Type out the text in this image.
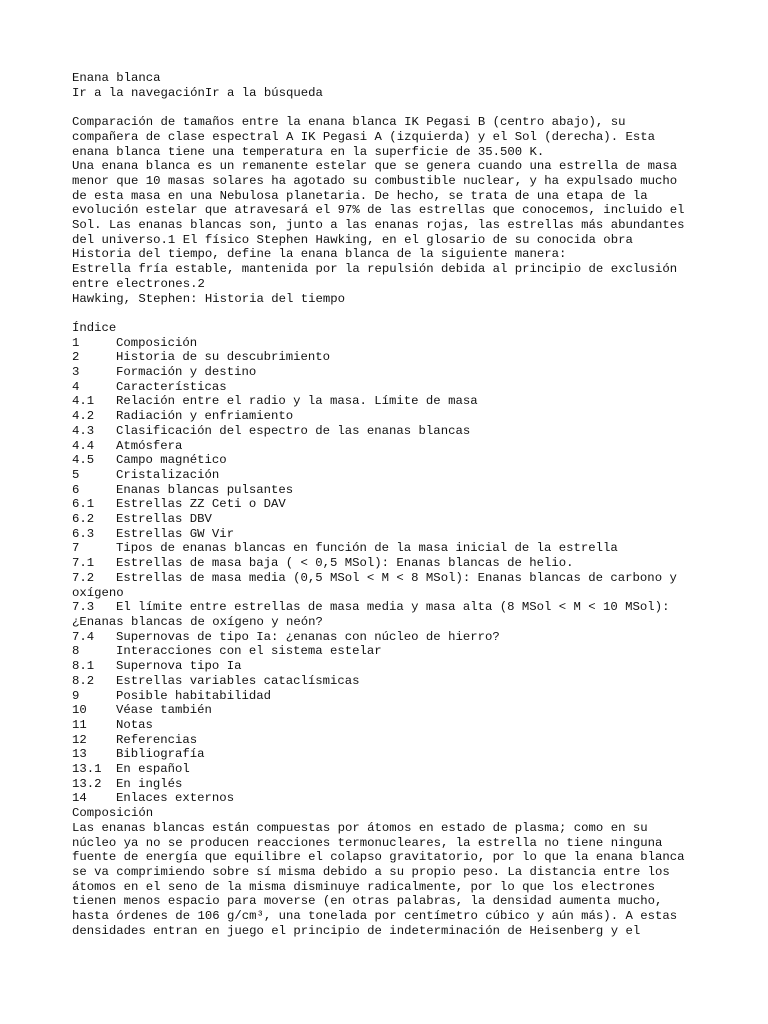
Enana blanca
Ir a la navegaciónIr a la búsqueda
Comparación de tamaños entre la enana blanca IK Pegasi B (centro abajo), su
compañera de clase espectral A IK Pegasi A (izquierda) y el Sol (derecha). Esta
enana blanca tiene una temperatura en la superficie de 35.500 K.
Una enana blanca es un remanente estelar que se genera cuando una estrella de masa
menor que 10 masas solares ha agotado su combustible nuclear, y ha expulsado mucho
de esta masa en una Nebulosa planetaria. De hecho, se trata de una etapa de la
evolución estelar que atravesará el 97% de las estrellas que conocemos, incluido el
Sol. Las enanas blancas son, junto a las enanas rojas, las estrellas más abundantes
del universo.1 El físico Stephen Hawking, en el glosario de su conocida obra
Historia del tiempo, define la enana blanca de la siguiente manera:
Estrella fría estable, mantenida por la repulsión debida al principio de exclusión
entre electrones.2
Hawking, Stephen: Historia del tiempo
Índice
1	Composición
2	Historia de su descubrimiento
3	Formación y destino
4	Características
4.1	Relación entre el radio y la masa. Límite de masa
4.2	Radiación y enfriamiento
4.3	Clasificación del espectro de las enanas blancas
4.4	Atmósfera
4.5	Campo magnético
5	Cristalización
6	Enanas blancas pulsantes
6.1	Estrellas ZZ Ceti o DAV
6.2	Estrellas DBV
6.3	Estrellas GW Vir
7	Tipos de enanas blancas en función de la masa inicial de la estrella
7.1	Estrellas de masa baja ( < 0,5 MSol): Enanas blancas de helio.
7.2	Estrellas de masa media (0,5 MSol < M < 8 MSol): Enanas blancas de carbono y
oxígeno
7.3	El límite entre estrellas de masa media y masa alta (8 MSol < M < 10 MSol):
¿Enanas blancas de oxígeno y neón?
7.4	Supernovas de tipo Ia: ¿enanas con núcleo de hierro?
8	Interacciones con el sistema estelar
8.1	Supernova tipo Ia
8.2	Estrellas variables cataclísmicas
9	Posible habitabilidad
10	Véase también
11	Notas
12	Referencias
13	Bibliografía
13.1	En español
13.2	En inglés
14	Enlaces externos
Composición
Las enanas blancas están compuestas por átomos en estado de plasma; como en su
núcleo ya no se producen reacciones termonucleares, la estrella no tiene ninguna
fuente de energía que equilibre el colapso gravitatorio, por lo que la enana blanca
se va comprimiendo sobre sí misma debido a su propio peso. La distancia entre los
átomos en el seno de la misma disminuye radicalmente, por lo que los electrones
tienen menos espacio para moverse (en otras palabras, la densidad aumenta mucho,
hasta órdenes de 106 g/cm³, una tonelada por centímetro cúbico y aún más). A estas
densidades entran en juego el principio de indeterminación de Heisenberg y el
